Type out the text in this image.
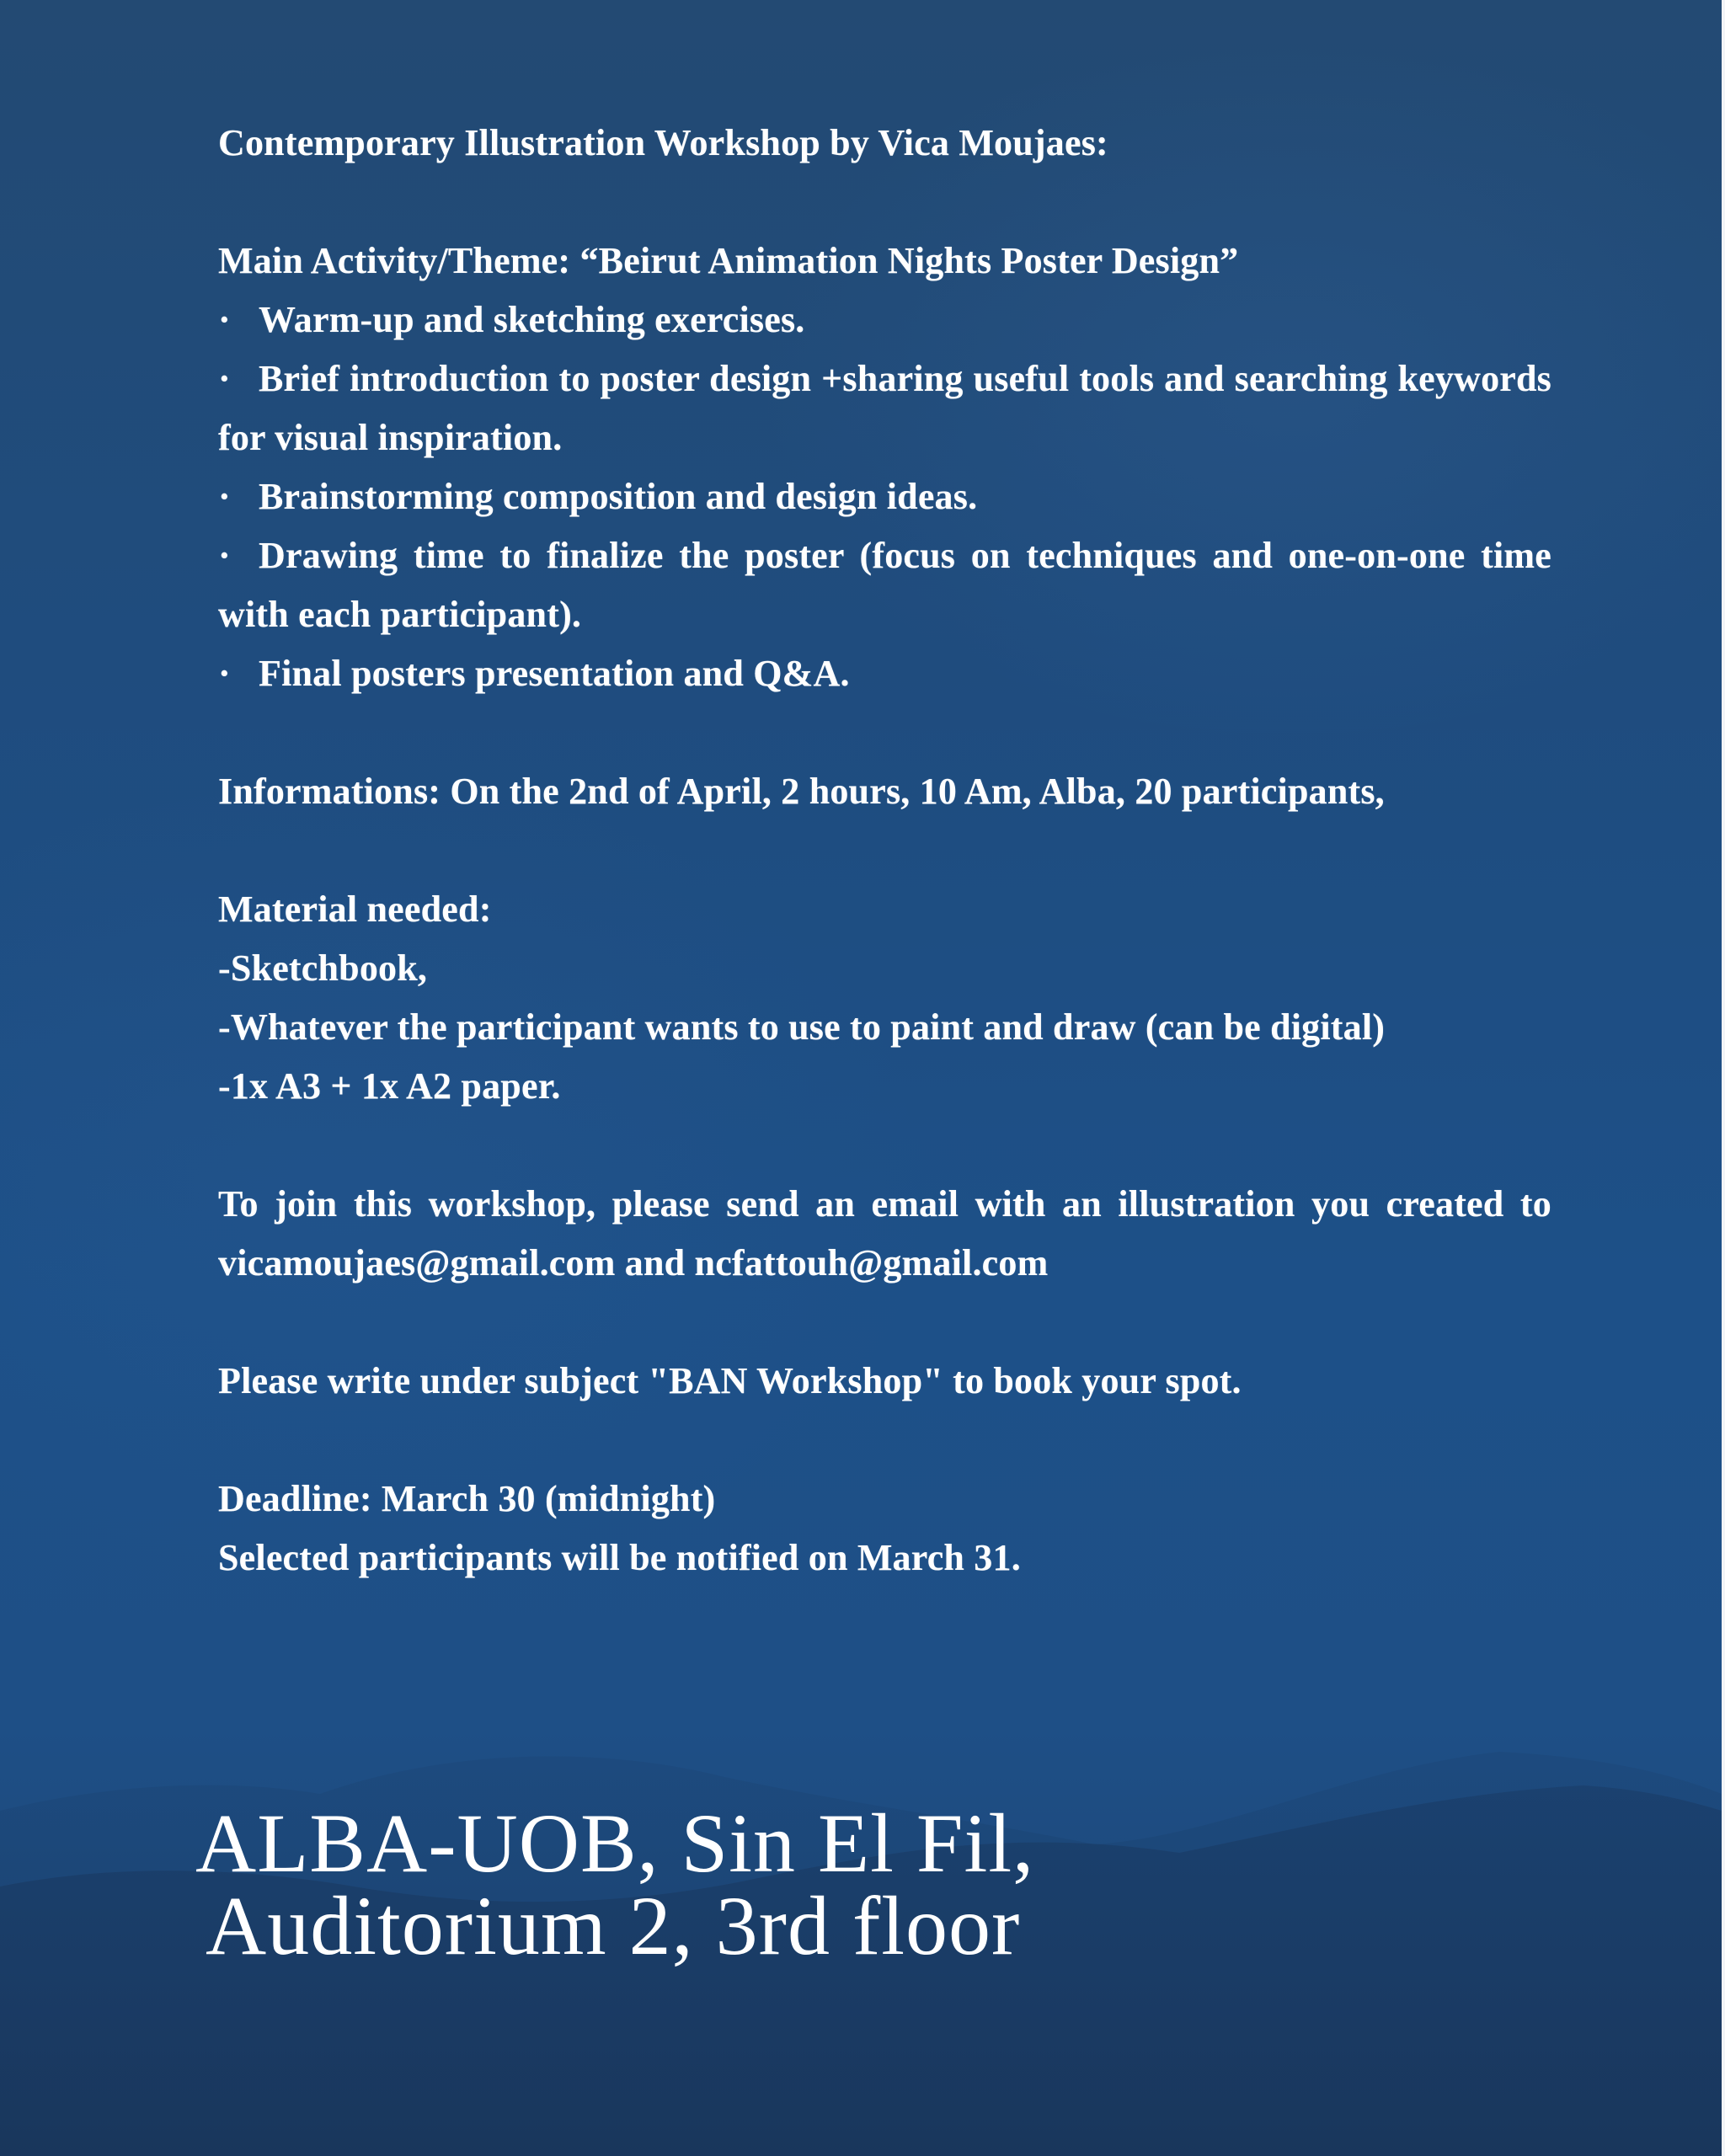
Contemporary Illustration Workshop by Vica Moujaes:

Main Activity/Theme: “Beirut Animation Nights Poster Design”

· Warm-up and sketching exercises.

· Brief introduction to poster design +sharing useful tools and searching keywords for visual inspiration.

· Brainstorming composition and design ideas.

· Drawing time to finalize the poster (focus on techniques and one-on-one time with each participant).

· Final posters presentation and Q&A.

Informations: On the 2nd of April, 2 hours, 10 Am, Alba, 20 participants,

Material needed:

-Sketchbook,

-Whatever the participant wants to use to paint and draw (can be digital)

-1x A3 + 1x A2 paper.

To join this workshop, please send an email with an illustration you created to vicamoujaes@gmail.com and ncfattouh@gmail.com

Please write under subject "BAN Workshop" to book your spot.

Deadline: March 30 (midnight)

Selected participants will be notified on March 31.

ALBA-UOB, Sin El Fil,

Auditorium 2, 3rd floor
